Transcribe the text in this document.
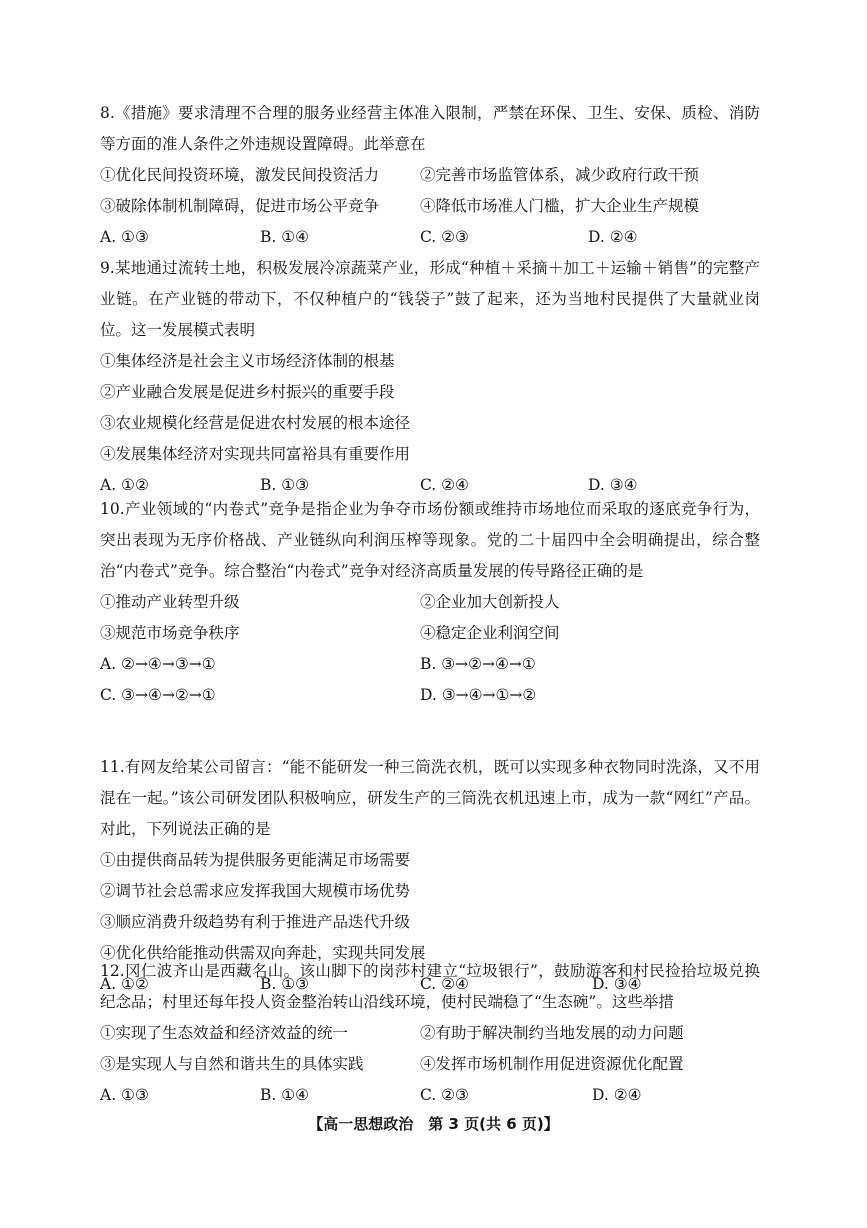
8.《措施》要求清理不合理的服务业经营主体准入限制，严禁在环保、卫生、安保、质检、消防等方面的准人条件之外违规设置障碍。此举意在

①优化民间投资环境，激发民间投资活力	②完善市场监管体系，减少政府行政干预
③破除体制机制障碍，促进市场公平竞争	④降低市场准人门槛，扩大企业生产规模
A. ①③	B. ①④	C. ②③	D. ②④

9.某地通过流转土地，积极发展冷凉蔬菜产业，形成“种植＋采摘＋加工＋运输＋销售”的完整产业链。在产业链的带动下，不仅种植户的“钱袋子”鼓了起来，还为当地村民提供了大量就业岗位。这一发展模式表明

①集体经济是社会主义市场经济体制的根基
②产业融合发展是促进乡村振兴的重要手段
③农业规模化经营是促进农村发展的根本途径
④发展集体经济对实现共同富裕具有重要作用
A. ①②	B. ①③	C. ②④	D. ③④

10.产业领域的“内卷式”竞争是指企业为争夺市场份额或维持市场地位而采取的逐底竞争行为，突出表现为无序价格战、产业链纵向利润压榨等现象。党的二十届四中全会明确提出，综合整治“内卷式”竞争。综合整治“内卷式”竞争对经济高质量发展的传导路径正确的是

①推动产业转型升级	②企业加大创新投人
③规范市场竞争秩序	④稳定企业利润空间
A. ②→④→③→①	B. ③→②→④→①
C. ③→④→②→①	D. ③→④→①→②

11.有网友给某公司留言：“能不能研发一种三筒洗衣机，既可以实现多种衣物同时洗涤，又不用混在一起。”该公司研发团队积极响应，研发生产的三筒洗衣机迅速上市，成为一款“网红”产品。对此，下列说法正确的是

①由提供商品转为提供服务更能满足市场需要
②调节社会总需求应发挥我国大规模市场优势
③顺应消费升级趋势有利于推进产品迭代升级
④优化供给能推动供需双向奔赴，实现共同发展
A. ①②	B. ①③	C. ②④	D. ③④

12.冈仁波齐山是西藏名山。该山脚下的岗莎村建立“垃圾银行”，鼓励游客和村民捡拾垃圾兑换纪念品；村里还每年投人资金整治转山沿线环境，使村民端稳了“生态碗”。这些举措

①实现了生态效益和经济效益的统一	②有助于解决制约当地发展的动力问题
③是实现人与自然和谐共生的具体实践	④发挥市场机制作用促进资源优化配置
A. ①③	B. ①④	C. ②③	D. ②④
【高一思想政治　第 3 页(共 6 页)】
